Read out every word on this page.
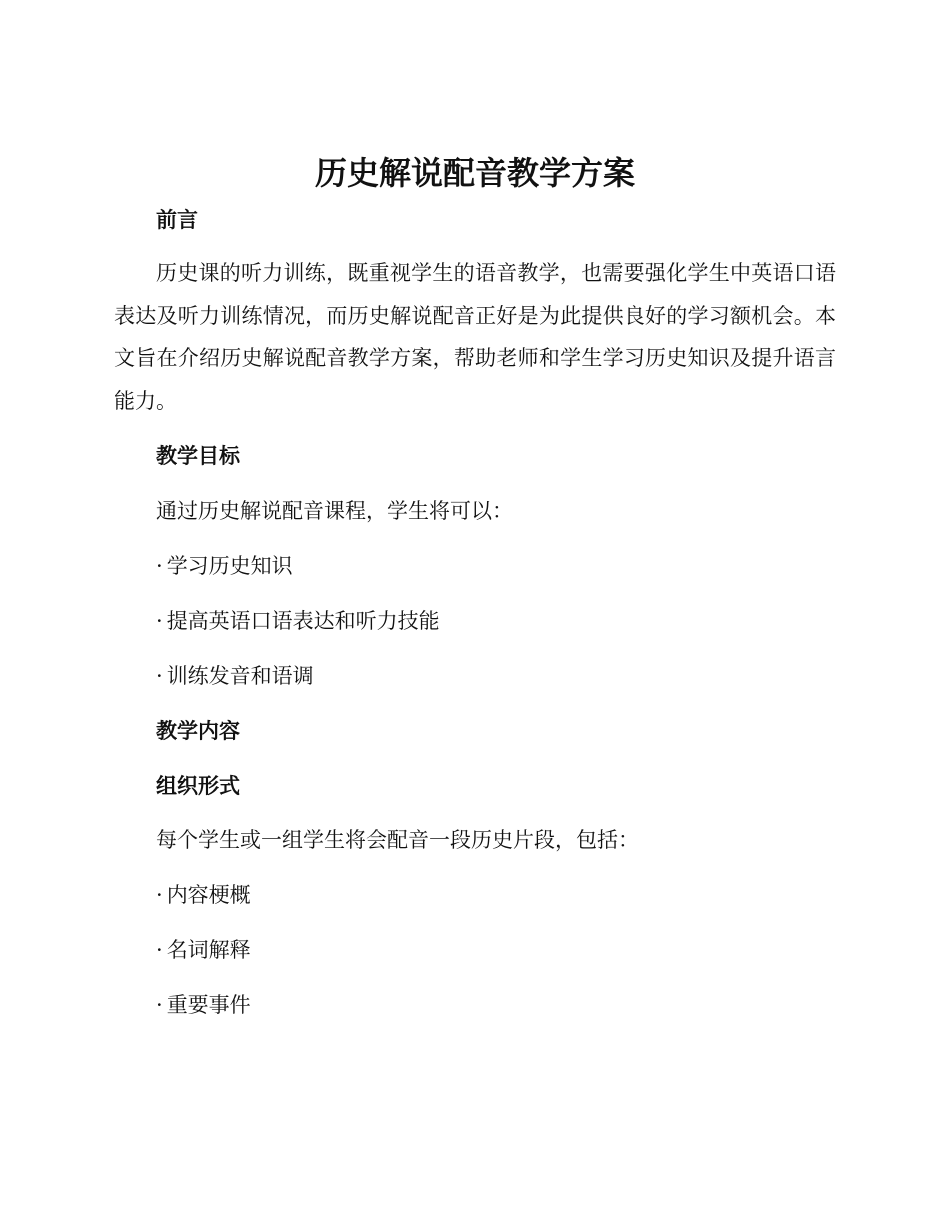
历史解说配音教学方案
前言
历史课的听力训练，既重视学生的语音教学，也需要强化学生中英语口语表达及听力训练情况，而历史解说配音正好是为此提供良好的学习额机会。本文旨在介绍历史解说配音教学方案，帮助老师和学生学习历史知识及提升语言能力。
教学目标
通过历史解说配音课程，学生将可以：
· 学习历史知识
· 提高英语口语表达和听力技能
· 训练发音和语调
教学内容
组织形式
每个学生或一组学生将会配音一段历史片段，包括：
· 内容梗概
· 名词解释
· 重要事件
